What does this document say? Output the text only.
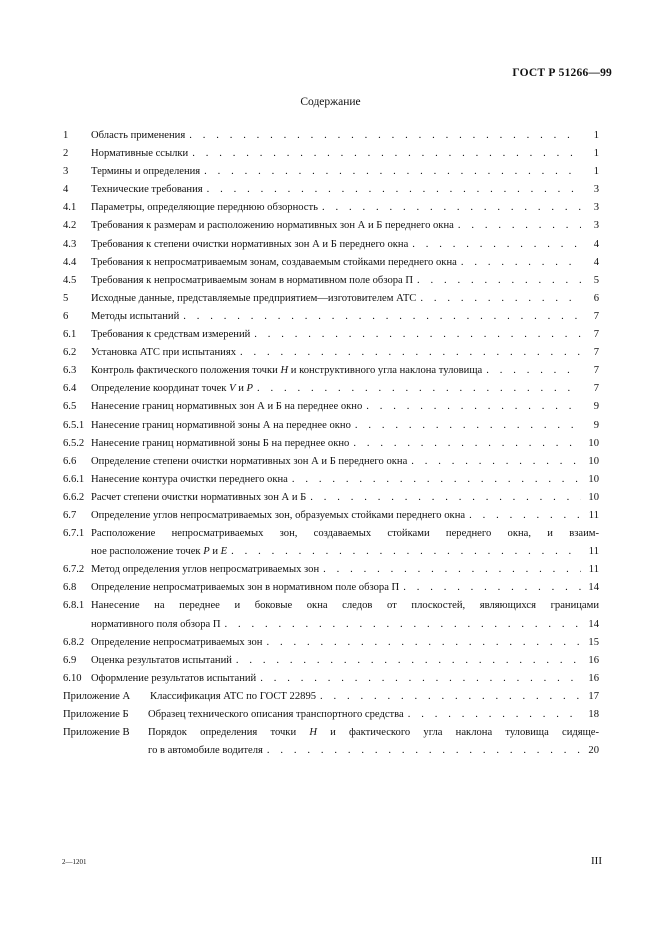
ГОСТ Р 51266—99
Содержание
1	Область применения . . .	1
2	Нормативные ссылки . . .	1
3	Термины и определения . . .	1
4	Технические требования . . .	3
4.1	Параметры, определяющие переднюю обзорность . . .	3
4.2	Требования к размерам и расположению нормативных зон А и Б переднего окна . . .	3
4.3	Требования к степени очистки нормативных зон А и Б переднего окна . . .	4
4.4	Требования к непросматриваемым зонам, создаваемым стойками переднего окна . . .	4
4.5	Требования к непросматриваемым зонам в нормативном поле обзора П . . .	5
5	Исходные данные, представляемые предприятием—изготовителем АТС . . .	6
6	Методы испытаний . . .	7
6.1	Требования к средствам измерений . . .	7
6.2	Установка АТС при испытаниях . . .	7
6.3	Контроль фактического положения точки H и конструктивного угла наклона туловища . . .	7
6.4	Определение координат точек V и P . . .	7
6.5	Нанесение границ нормативных зон А и Б на переднее окно . . .	9
6.5.1 Нанесение границ нормативной зоны А на переднее окно . . .	9
6.5.2 Нанесение границ нормативной зоны Б на переднее окно . . .	10
6.6	Определение степени очистки нормативных зон А и Б переднего окна . . .	10
6.6.1 Нанесение контура очистки переднего окна . . .	10
6.6.2 Расчет степени очистки нормативных зон А и Б . . .	10
6.7	Определение углов непросматриваемых зон, образуемых стойками переднего окна . . .	11
6.7.1 Расположение непросматриваемых зон, создаваемых стойками переднего окна, и взаим-
ное расположение точек P и E . . .	11
6.7.2 Метод определения углов непросматриваемых зон . . .	11
6.8	Определение непросматриваемых зон в нормативном поле обзора П . . .	14
6.8.1 Нанесение на переднее и боковые окна следов от плоскостей, являющихся границами
нормативного поля обзора П . . .	14
6.8.2 Определение непросматриваемых зон . . .	15
6.9	Оценка результатов испытаний . . .	16
6.10 Оформление результатов испытаний . . .	16
Приложение А	Классификация АТС по ГОСТ 22895 . . .	17
Приложение Б	Образец технического описания транспортного средства . . .	18
Приложение В	Порядок определения точки H и фактического угла наклона туловища сидяще-
го в автомобиле водителя . . .	20
2—1201	III
